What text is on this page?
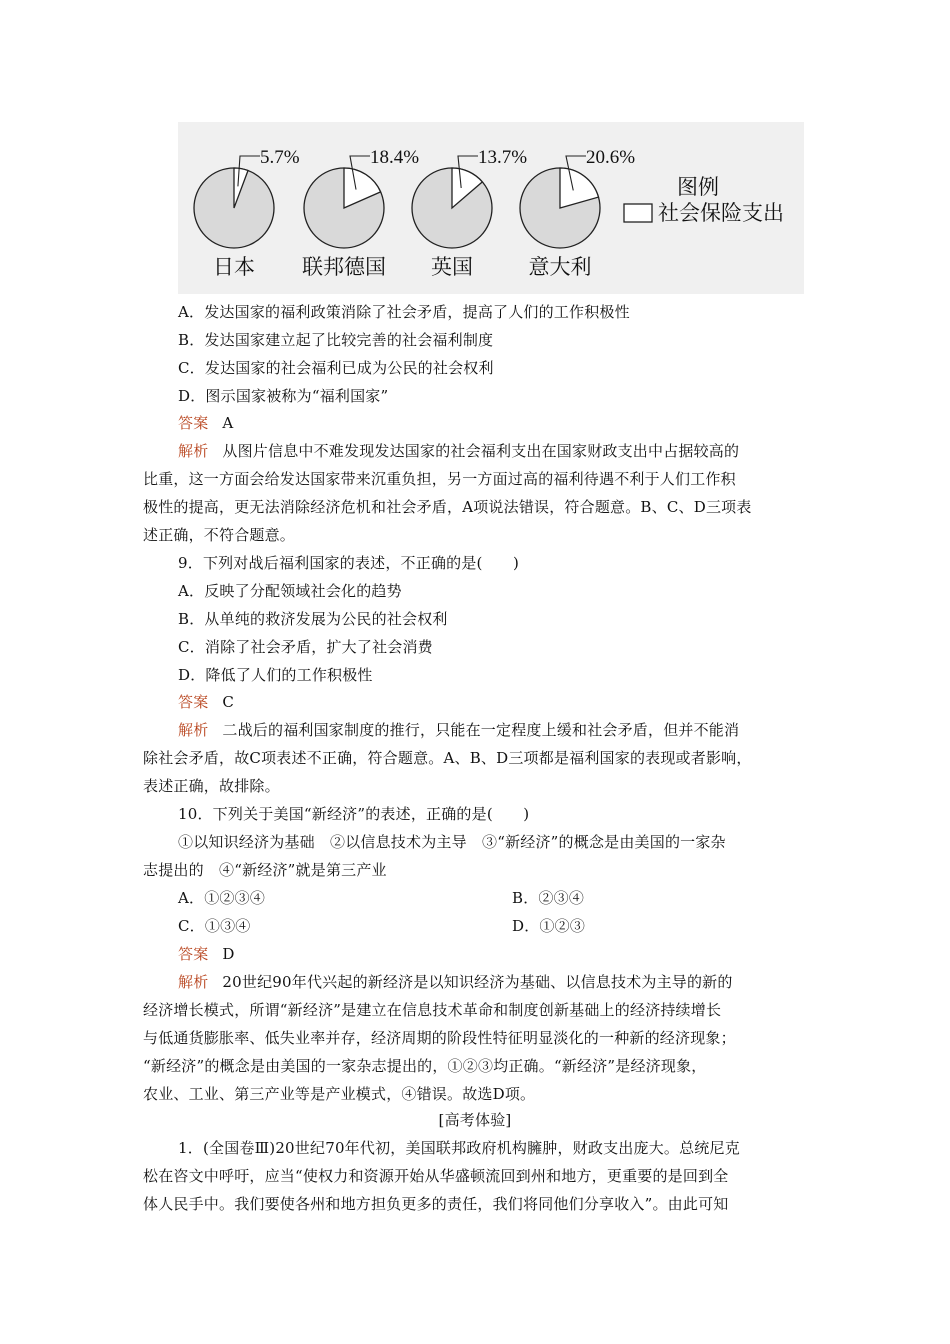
5.7%
日本
18.4%
联邦德国
13.7%
英国
20.6%
意大利
图例
社会保险支出
A．发达国家的福利政策消除了社会矛盾，提高了人们的工作积极性
B．发达国家建立起了比较完善的社会福利制度
C．发达国家的社会福利已成为公民的社会权利
D．图示国家被称为“福利国家”
答案 A
解析 从图片信息中不难发现发达国家的社会福利支出在国家财政支出中占据较高的
比重，这一方面会给发达国家带来沉重负担，另一方面过高的福利待遇不利于人们工作积
极性的提高，更无法消除经济危机和社会矛盾，A项说法错误，符合题意。B、C、D三项表
述正确，不符合题意。
9．下列对战后福利国家的表述，不正确的是(　　)
A．反映了分配领域社会化的趋势
B．从单纯的救济发展为公民的社会权利
C．消除了社会矛盾，扩大了社会消费
D．降低了人们的工作积极性
答案 C
解析 二战后的福利国家制度的推行，只能在一定程度上缓和社会矛盾，但并不能消
除社会矛盾，故C项表述不正确，符合题意。A、B、D三项都是福利国家的表现或者影响，
表述正确，故排除。
10．下列关于美国“新经济”的表述，正确的是(　　)
①以知识经济为基础　②以信息技术为主导　③“新经济”的概念是由美国的一家杂
志提出的　④“新经济”就是第三产业
A．①②③④	B．②③④
C．①③④	D．①②③
答案 D
解析 20世纪90年代兴起的新经济是以知识经济为基础、以信息技术为主导的新的
经济增长模式，所谓“新经济”是建立在信息技术革命和制度创新基础上的经济持续增长
与低通货膨胀率、低失业率并存，经济周期的阶段性特征明显淡化的一种新的经济现象；
“新经济”的概念是由美国的一家杂志提出的，①②③均正确。“新经济”是经济现象，
农业、工业、第三产业等是产业模式，④错误。故选D项。
[高考体验]
1．(全国卷Ⅲ)20世纪70年代初，美国联邦政府机构臃肿，财政支出庞大。总统尼克
松在咨文中呼吁，应当“使权力和资源开始从华盛顿流回到州和地方，更重要的是回到全
体人民手中。我们要使各州和地方担负更多的责任，我们将同他们分享收入”。由此可知
